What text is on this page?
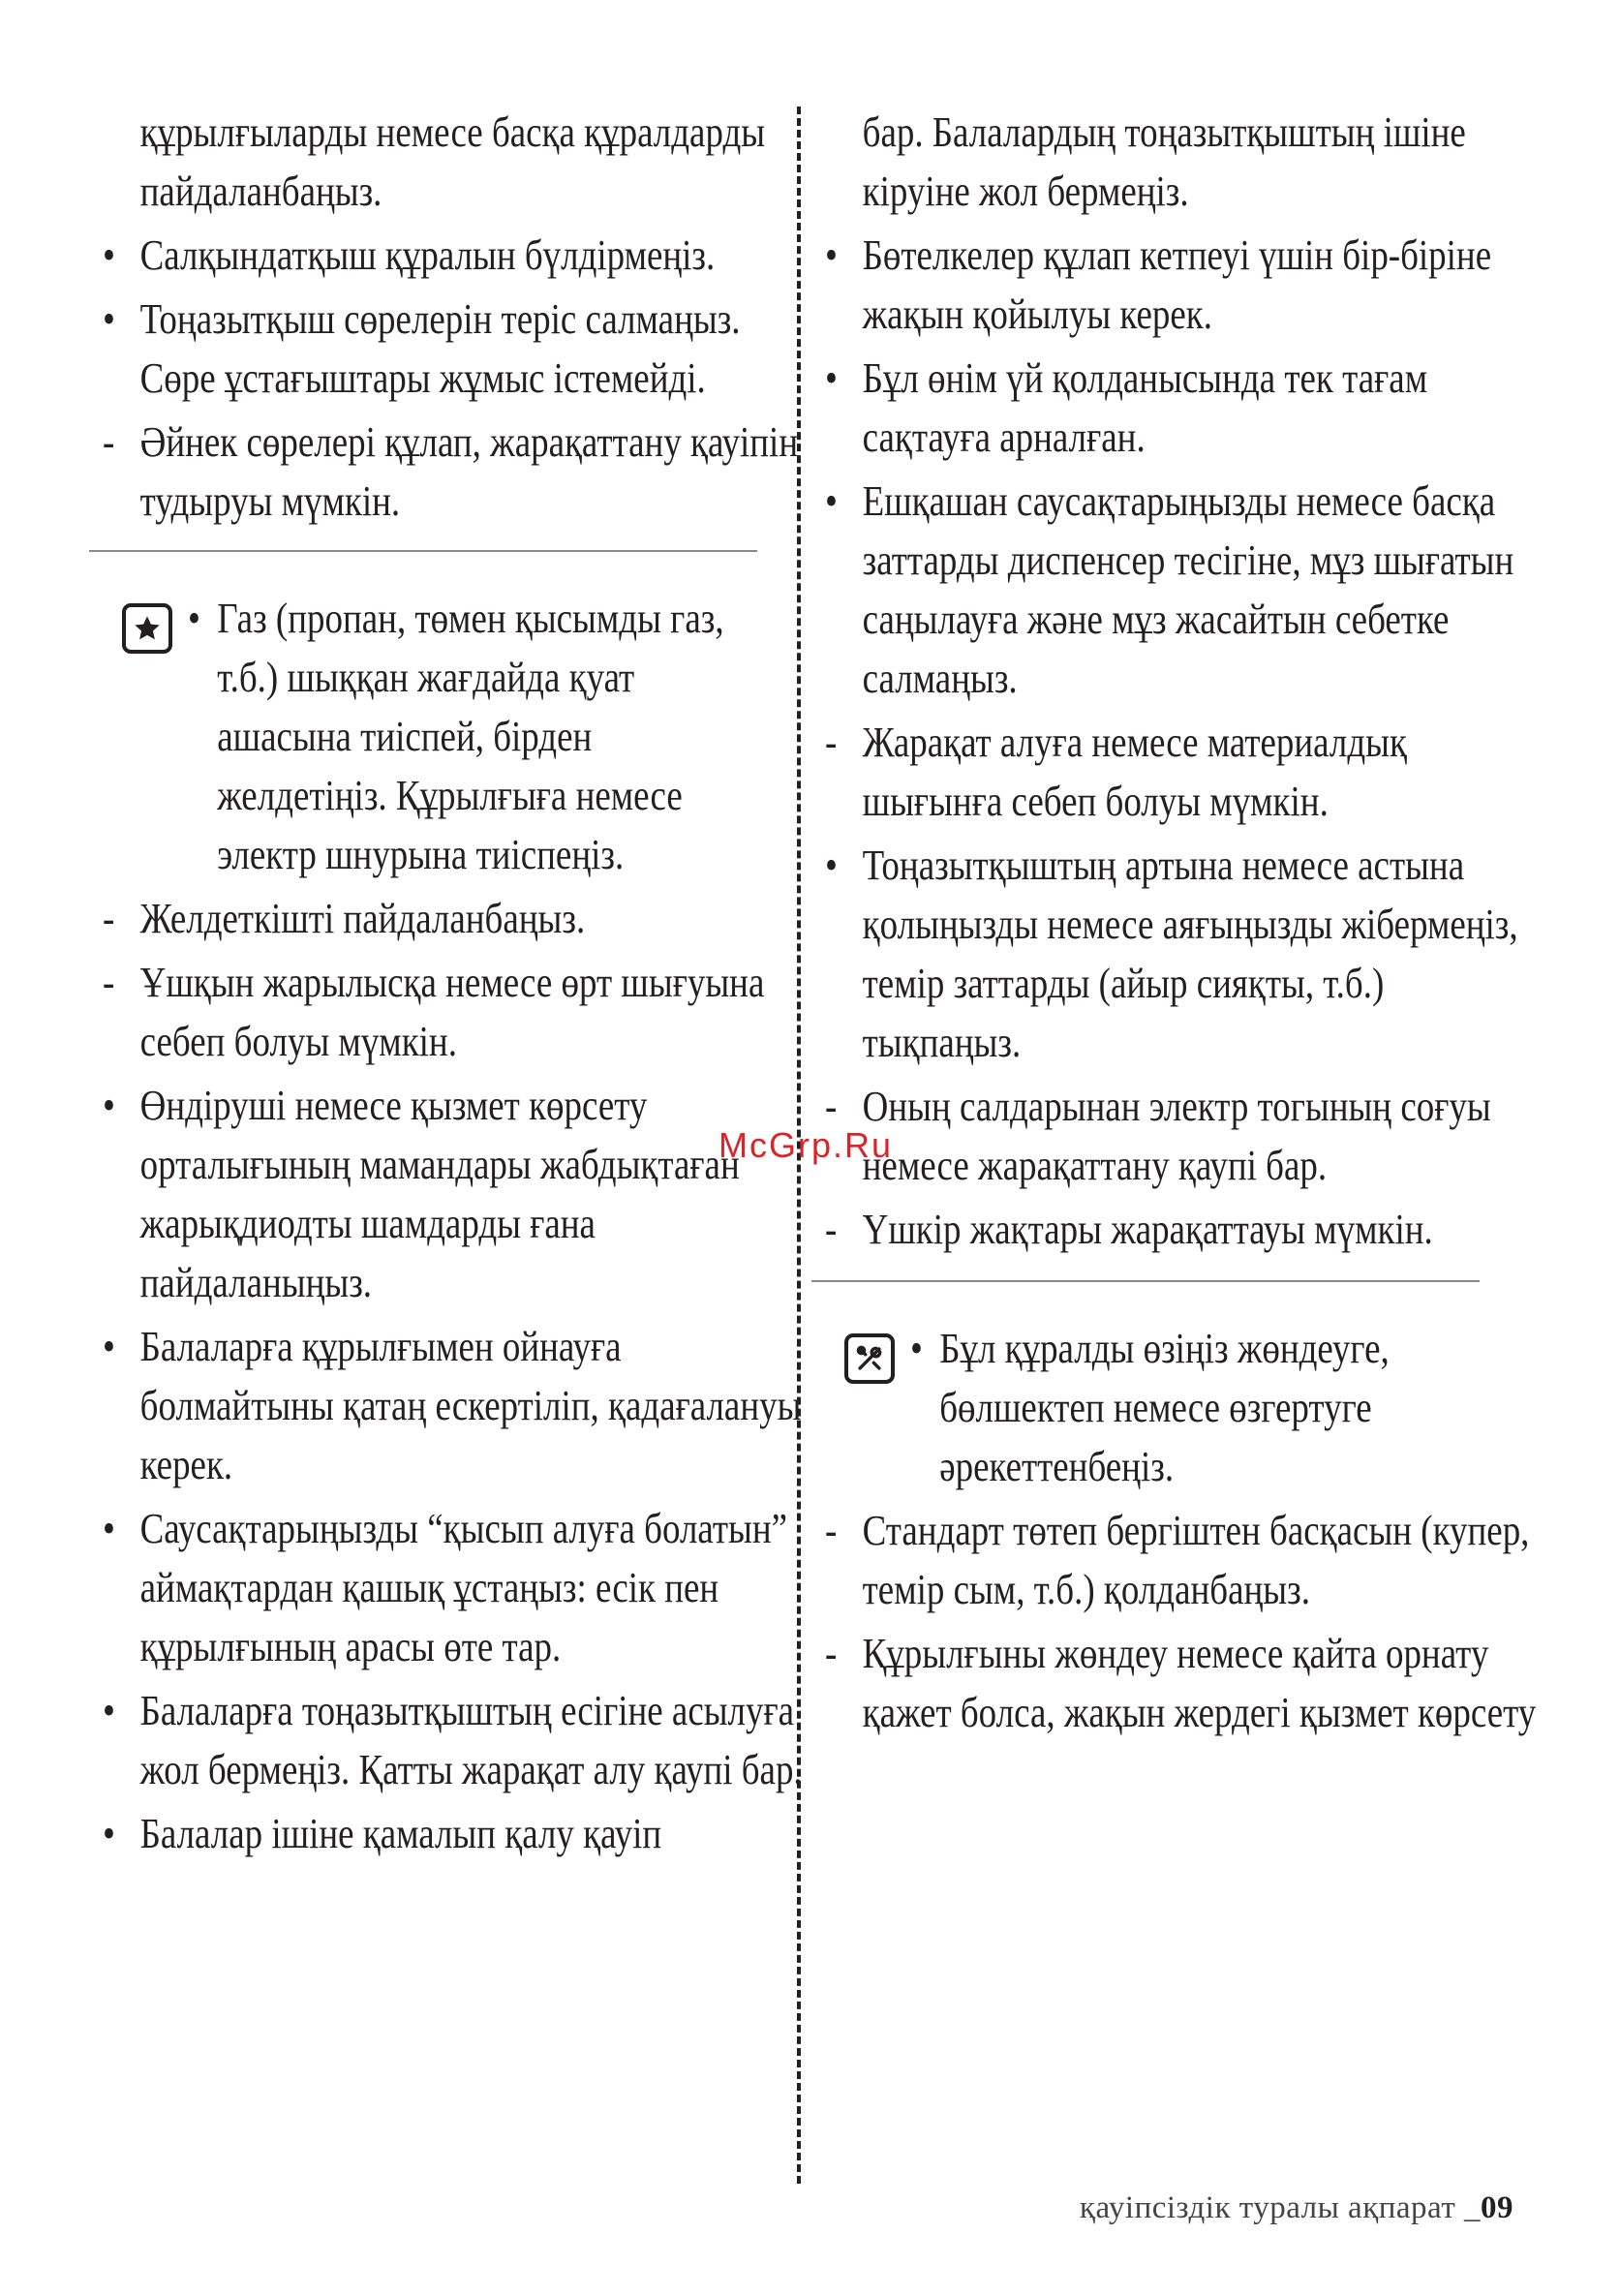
құрылғыларды немесе басқа құралдарды пайдаланбаңыз.
• Салқындатқыш құралын бүлдірмеңіз.
• Тоңазытқыш сөрелерін теріс салмаңыз. Сөре ұстағыштары жұмыс істемейді.
- Әйнек сөрелері құлап, жарақаттану қауіпін тудыруы мүмкін.
• Газ (пропан, төмен қысымды газ, т.б.) шыққан жағдайда қуат ашасына тиіспей, бірден желдетіңіз. Құрылғыға немесе электр шнурына тиіспеңіз.
- Желдеткішті пайдаланбаңыз.
- Ұшқын жарылысқа немесе өрт шығуына себеп болуы мүмкін.
• Өндіруші немесе қызмет көрсету орталығының мамандары жабдықтаған жарықдиодты шамдарды ғана пайдаланыңыз.
• Балаларға құрылғымен ойнауға болмайтыны қатаң ескертіліп, қадағалануы керек.
• Саусақтарыңызды “қысып алуға болатын” аймақтардан қашық ұстаңыз: есік пен құрылғының арасы өте тар.
• Балаларға тоңазытқыштың есігіне асылуға жол бермеңіз. Қатты жарақат алу қаупі бар.
• Балалар ішіне қамалып қалу қауіп
бар. Балалардың тоңазытқыштың ішіне кіруіне жол бермеңіз.
• Бөтелкелер құлап кетпеуі үшін бір-біріне жақын қойылуы керек.
• Бұл өнім үй қолданысында тек тағам сақтауға арналған.
• Ешқашан саусақтарыңызды немесе басқа заттарды диспенсер тесігіне, мұз шығатын саңылауға және мұз жасайтын себетке салмаңыз.
- Жарақат алуға немесе материалдық шығынға себеп болуы мүмкін.
• Тоңазытқыштың артына немесе астына қолыңызды немесе аяғыңызды жібермеңіз, темір заттарды (айыр сияқты, т.б.) тықпаңыз.
- Оның салдарынан электр тогының соғуы немесе жарақаттану қаупі бар.
- Үшкір жақтары жарақаттауы мүмкін.
• Бұл құралды өзіңіз жөндеуге, бөлшектеп немесе өзгертуге әрекеттенбеңіз.
- Стандарт төтеп бергіштен басқасын (купер, темір сым, т.б.) қолданбаңыз.
- Құрылғыны жөндеу немесе қайта орнату қажет болса, жақын жердегі қызмет көрсету
McGrp.Ru
қауіпсіздік туралы ақпарат _09
